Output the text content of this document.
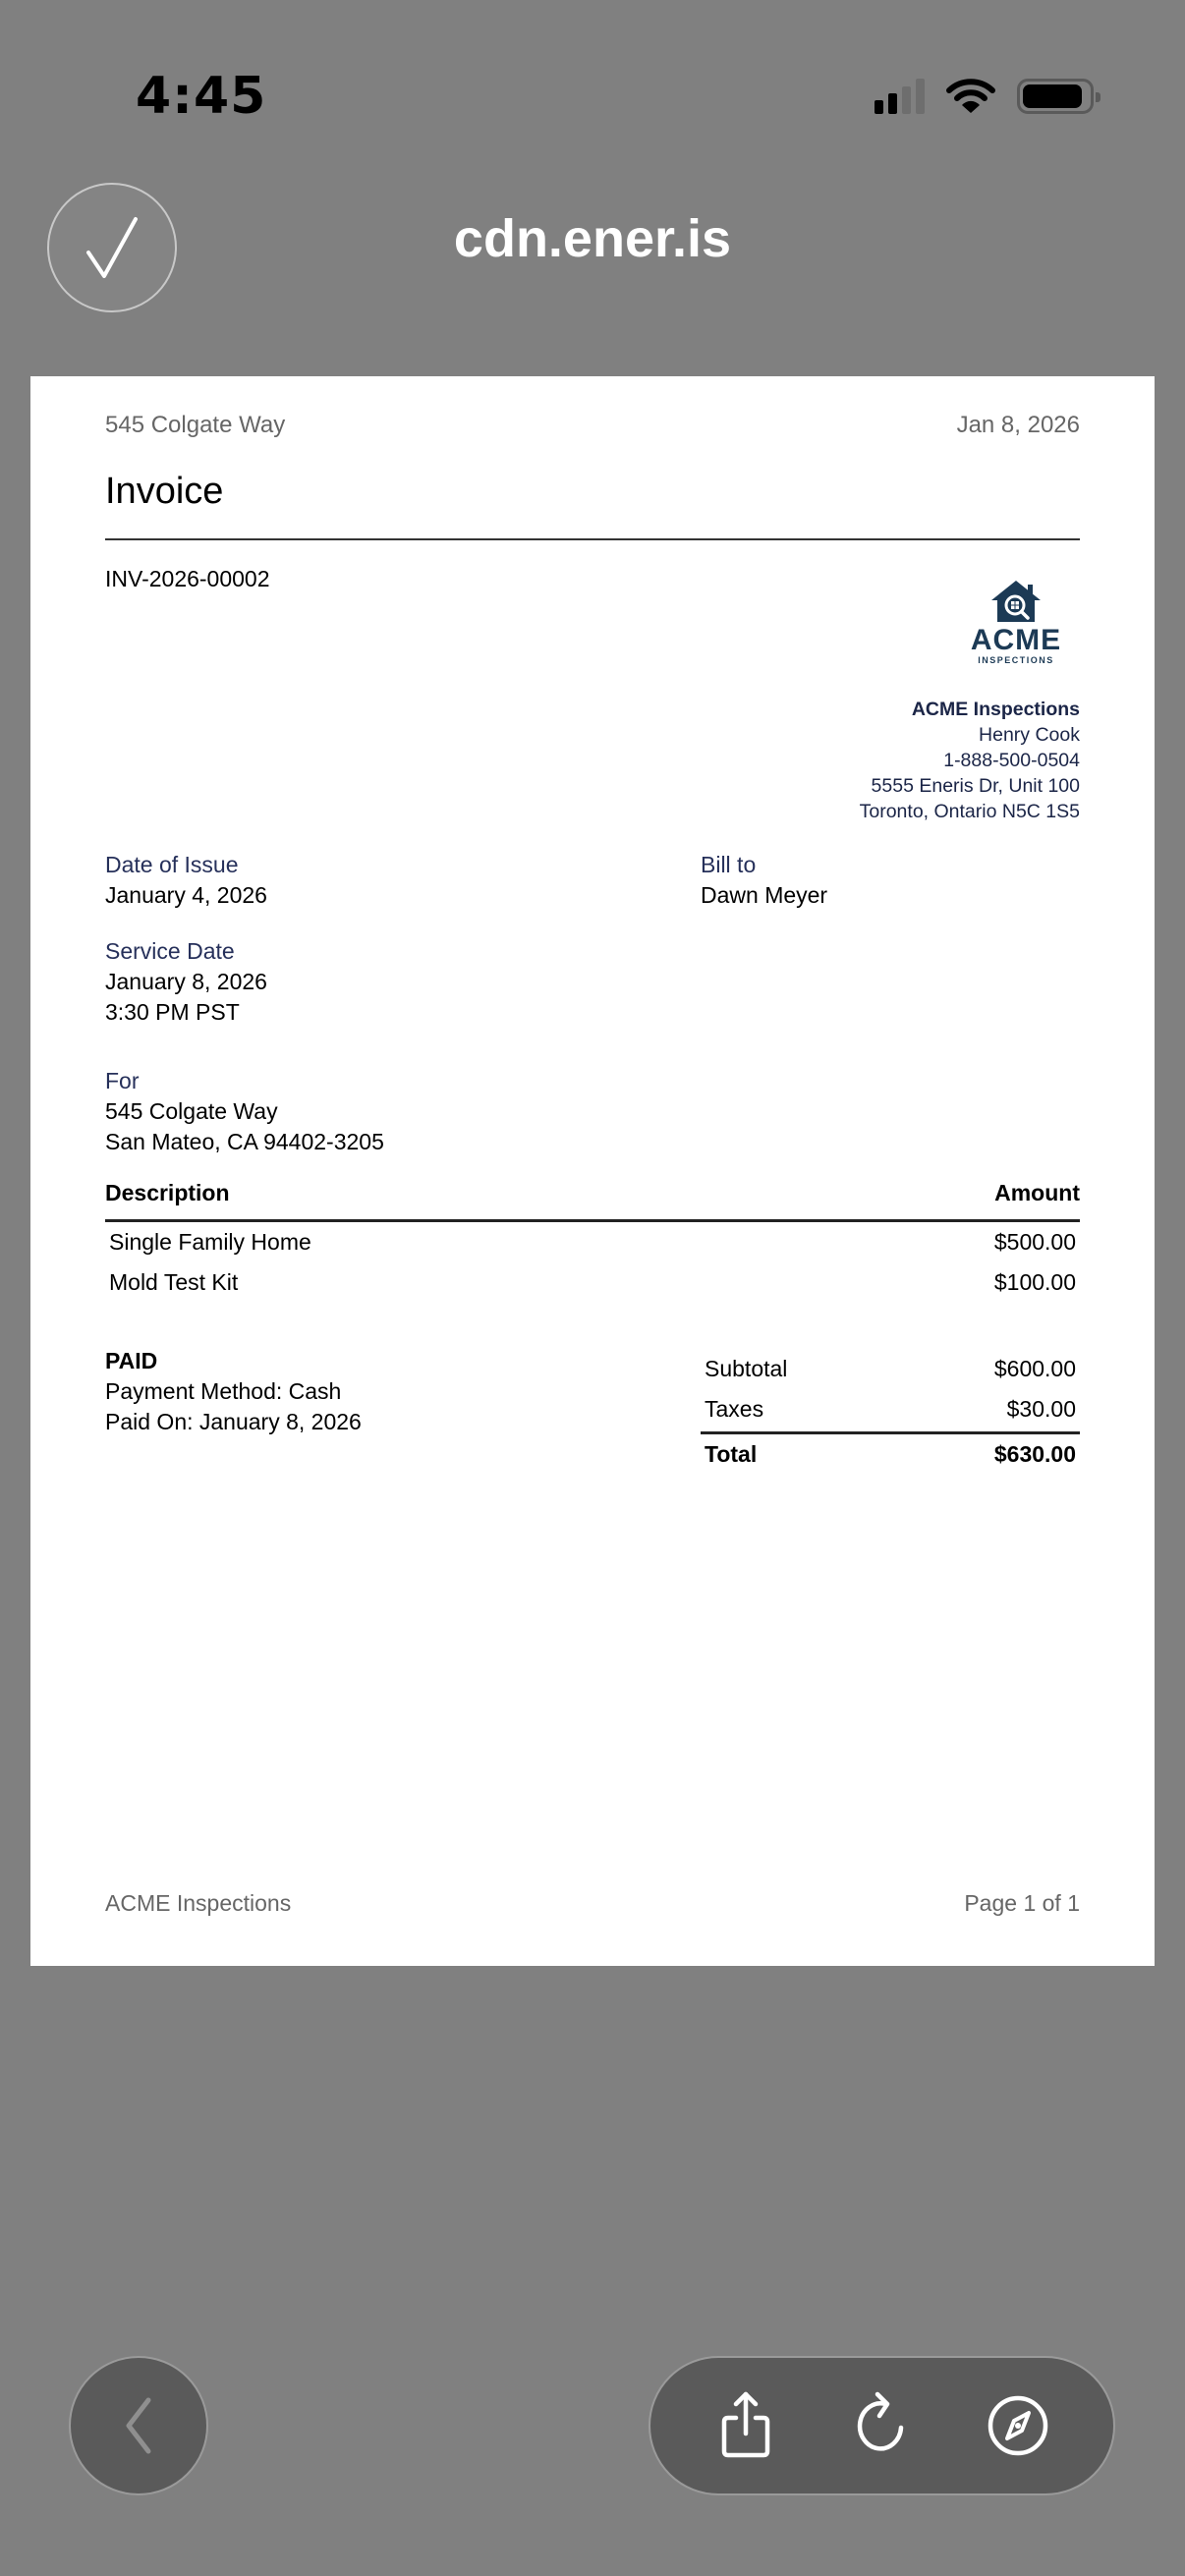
4:45
cdn.ener.is
545 Colgate Way	Jan 8, 2026
Invoice
INV-2026-00002
ACME
INSPECTIONS
ACME Inspections
Henry Cook
1-888-500-0504
5555 Eneris Dr, Unit 100
Toronto, Ontario N5C 1S5
Date of Issue
January 4, 2026
Bill to
Dawn Meyer
Service Date
January 8, 2026
3:30 PM PST
For
545 Colgate Way
San Mateo, CA 94402-3205
Description	Amount
Single Family Home	$500.00
Mold Test Kit	$100.00
PAID
Payment Method: Cash
Paid On: January 8, 2026
Subtotal	$600.00
Taxes	$30.00
Total	$630.00
ACME Inspections	Page 1 of 1
